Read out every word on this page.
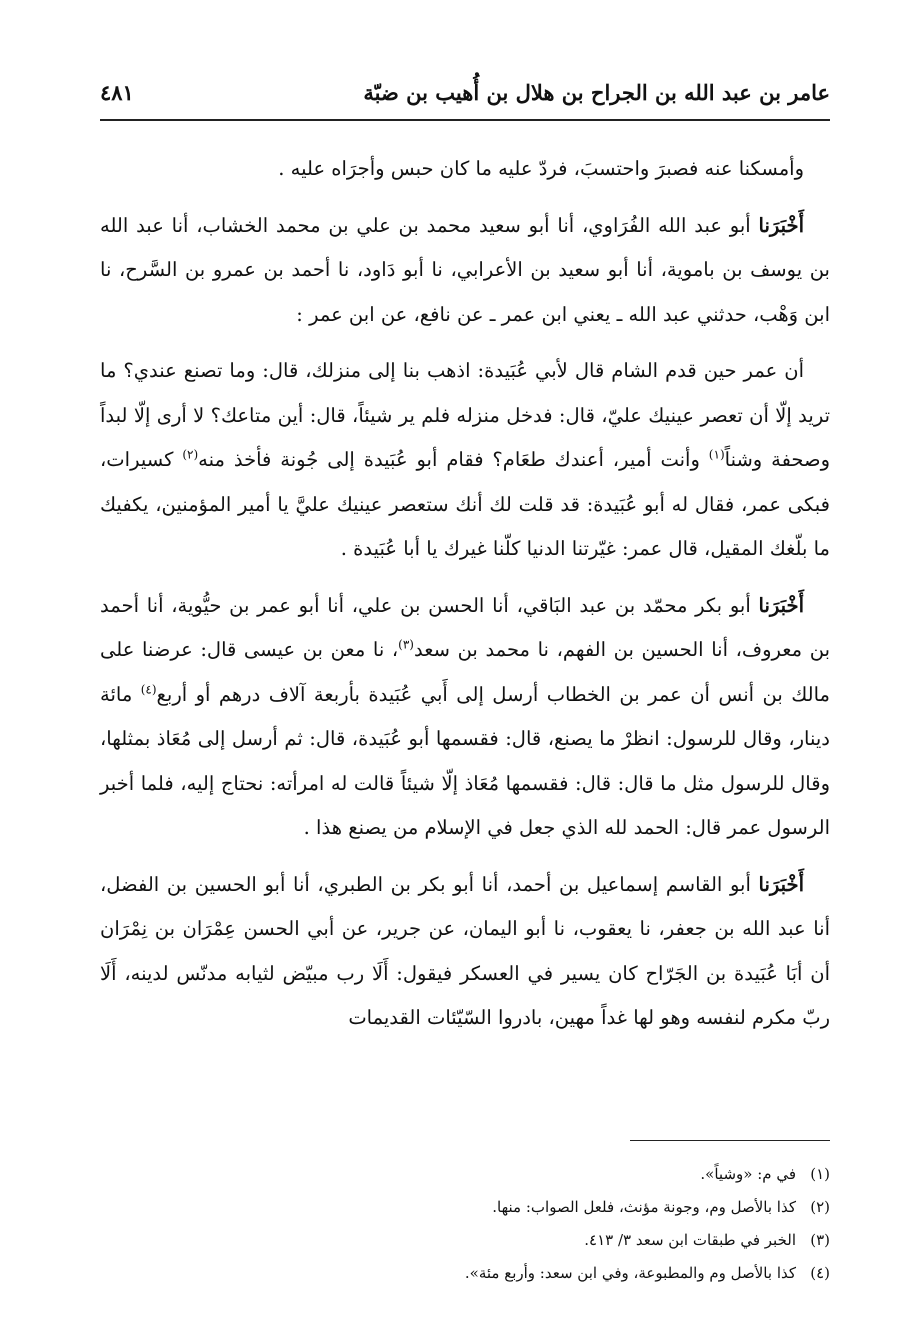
عامر بن عبد الله بن الجراح بن هلال بن أُهيب بن ضبّة
٤٨١

وأمسكنا عنه فصبرَ واحتسبَ، فردّ عليه ما كان حبس وأجرَاه عليه .

أَخْبَرَنا أبو عبد الله الفُرَاوي، أنا أبو سعيد محمد بن علي بن محمد الخشاب، أنا عبد الله بن يوسف بن باموية، أنا أبو سعيد بن الأعرابي، نا أبو دَاود، نا أحمد بن عمرو بن السَّرح، نا ابن وَهْب، حدثني عبد الله ـ يعني ابن عمر ـ عن نافع، عن ابن عمر :

أن عمر حين قدم الشام قال لأبي عُبَيدة: اذهب بنا إلى منزلك، قال: وما تصنع عندي؟ ما تريد إلّا أن تعصر عينيك عليّ، قال: فدخل منزله فلم ير شيئاً، قال: أين متاعك؟ لا أرى إلّا لبداً وصحفة وشناً$^{(١)}$ وأنت أمير، أعندك طعَام؟ فقام أبو عُبَيدة إلى جُونة فأخذ منه$^{(٢)}$ كسيرات، فبكى عمر، فقال له أبو عُبَيدة: قد قلت لك أنك ستعصر عينيك عليَّ يا أمير المؤمنين، يكفيك ما بلّغك المقيل، قال عمر: غيّرتنا الدنيا كلّنا غيرك يا أبا عُبَيدة .

أَخْبَرَنا أبو بكر محمّد بن عبد البَاقي، أنا الحسن بن علي، أنا أبو عمر بن حيُّوية، أنا أحمد بن معروف، أنا الحسين بن الفهم، نا محمد بن سعد$^{(٣)}$، نا معن بن عيسى قال: عرضنا على مالك بن أنس أن عمر بن الخطاب أرسل إلى أَبي عُبَيدة بأربعة آلاف درهم أو أربع$^{(٤)}$ مائة دينار، وقال للرسول: انظرْ ما يصنع، قال: فقسمها أبو عُبَيدة، قال: ثم أرسل إلى مُعَاذ بمثلها، وقال للرسول مثل ما قال: قال: فقسمها مُعَاذ إلّا شيئاً قالت له امرأته: نحتاج إليه، فلما أخبر الرسول عمر قال: الحمد لله الذي جعل في الإسلام من يصنع هذا .

أَخْبَرَنا أبو القاسم إسماعيل بن أحمد، أنا أبو بكر بن الطبري، أنا أبو الحسين بن الفضل، أنا عبد الله بن جعفر، نا يعقوب، نا أبو اليمان، عن جرير، عن أبي الحسن عِمْرَان بن نِمْرَان أن أبَا عُبَيدة بن الجَرّاح كان يسير في العسكر فيقول: أَلَا رب مبيّض لثيابه مدنّس لدينه، أَلَا ربّ مكرم لنفسه وهو لها غداً مهين، بادروا السّيّئات القديمات

(١)في م: «وشياً».
(٢)كذا بالأصل وم، وجونة مؤنث، فلعل الصواب: منها.
(٣)الخبر في طبقات ابن سعد ٣/ ٤١٣.
(٤)كذا بالأصل وم والمطبوعة، وفي ابن سعد: وأربع مئة».
